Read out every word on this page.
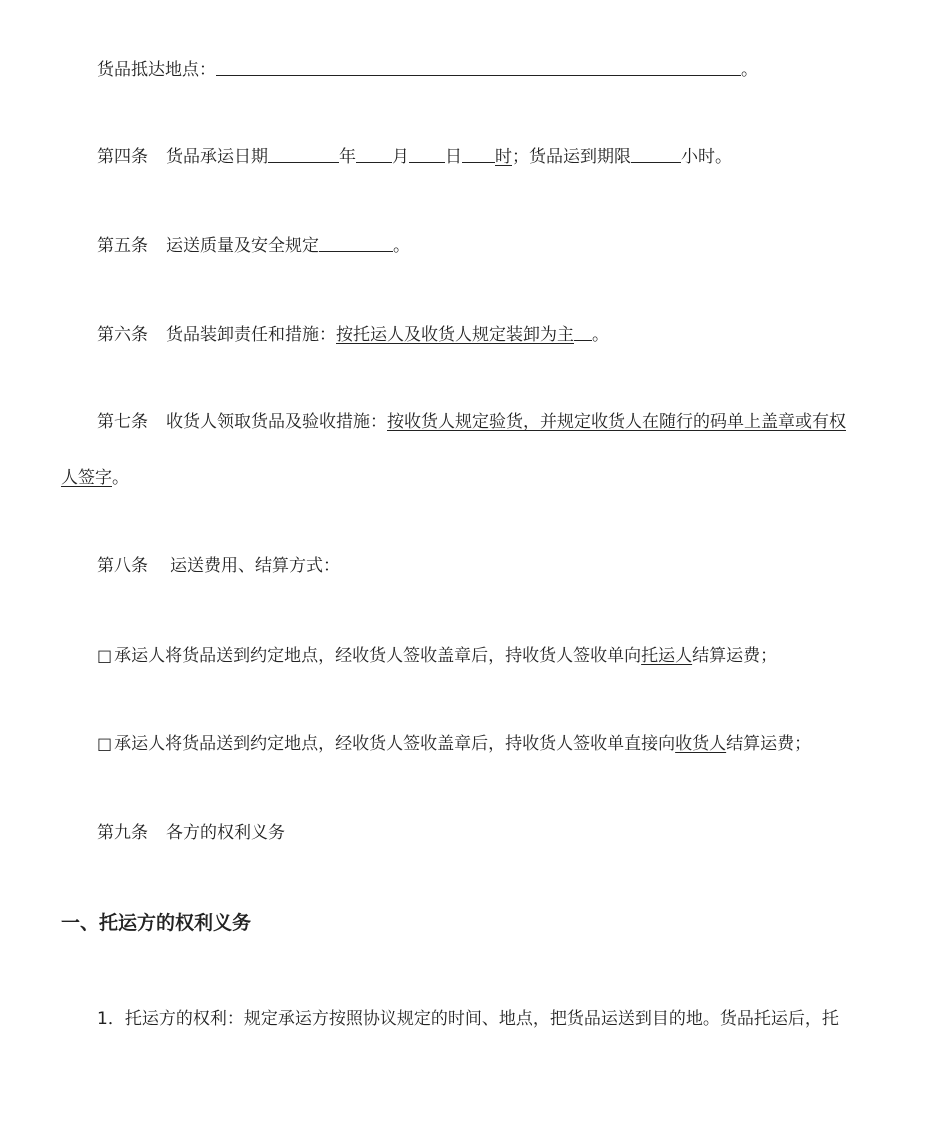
货品抵达地点：	。
第四条 货品承运日期	年 月 日 时；货品运到期限	小时。
第五条 运送质量及安全规定	。
第六条 货品装卸责任和措施：按托运人及收货人规定装卸为主 。
第七条 收货人领取货品及验收措施：按收货人规定验货，并规定收货人在随行的码单上盖章或有权
人签字。
第八条 运送费用、结算方式：
□ 承运人将货品送到约定地点，经收货人签收盖章后，持收货人签收单向托运人结算运费；
□ 承运人将货品送到约定地点，经收货人签收盖章后，持收货人签收单直接向收货人结算运费；
第九条 各方的权利义务
一、托运方的权利义务
1．托运方的权利：规定承运方按照协议规定的时间、地点，把货品运送到目的地。货品托运后，托
